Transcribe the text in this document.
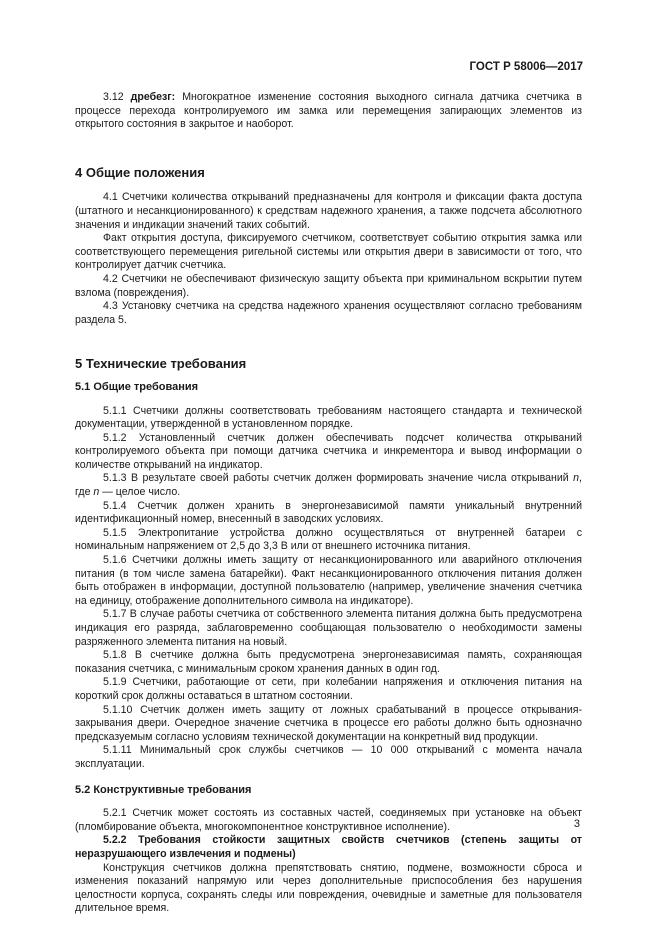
ГОСТ Р 58006—2017

3.12 дребезг: Многократное изменение состояния выходного сигнала датчика счетчика в процессе перехода контролируемого им замка или перемещения запирающих элементов из открытого состояния в закрытое и наоборот.

4 Общие положения

4.1 Счетчики количества открываний предназначены для контроля и фиксации факта доступа (штатного и несанкционированного) к средствам надежного хранения, а также подсчета абсолютного значения и индикации значений таких событий.

Факт открытия доступа, фиксируемого счетчиком, соответствует событию открытия замка или соответствующего перемещения ригельной системы или открытия двери в зависимости от того, что контролирует датчик счетчика.

4.2 Счетчики не обеспечивают физическую защиту объекта при криминальном вскрытии путем взлома (повреждения).

4.3 Установку счетчика на средства надежного хранения осуществляют согласно требованиям раздела 5.

5 Технические требования

5.1 Общие требования

5.1.1 Счетчики должны соответствовать требованиям настоящего стандарта и технической документации, утвержденной в установленном порядке.

5.1.2 Установленный счетчик должен обеспечивать подсчет количества открываний контролируемого объекта при помощи датчика счетчика и инкрементора и вывод информации о количестве открываний на индикатор.

5.1.3 В результате своей работы счетчик должен формировать значение числа открываний n, где n — целое число.

5.1.4 Счетчик должен хранить в энергонезависимой памяти уникальный внутренний идентификационный номер, внесенный в заводских условиях.

5.1.5 Электропитание устройства должно осуществляться от внутренней батареи с номинальным напряжением от 2,5 до 3,3 В или от внешнего источника питания.

5.1.6 Счетчики должны иметь защиту от несанкционированного или аварийного отключения питания (в том числе замена батарейки). Факт несанкционированного отключения питания должен быть отображен в информации, доступной пользователю (например, увеличение значения счетчика на единицу, отображение дополнительного символа на индикаторе).

5.1.7 В случае работы счетчика от собственного элемента питания должна быть предусмотрена индикация его разряда, заблаговременно сообщающая пользователю о необходимости замены разряженного элемента питания на новый.

5.1.8 В счетчике должна быть предусмотрена энергонезависимая память, сохраняющая показания счетчика, с минимальным сроком хранения данных в один год.

5.1.9 Счетчики, работающие от сети, при колебании напряжения и отключения питания на короткий срок должны оставаться в штатном состоянии.

5.1.10 Счетчик должен иметь защиту от ложных срабатываний в процессе открывания-закрывания двери. Очередное значение счетчика в процессе его работы должно быть однозначно предсказуемым согласно условиям технической документации на конкретный вид продукции.

5.1.11 Минимальный срок службы счетчиков — 10 000 открываний с момента начала эксплуатации.

5.2 Конструктивные требования

5.2.1 Счетчик может состоять из составных частей, соединяемых при установке на объект (пломбирование объекта, многокомпонентное конструктивное исполнение).

5.2.2 Требования стойкости защитных свойств счетчиков (степень защиты от неразрушающего извлечения и подмены)

Конструкция счетчиков должна препятствовать снятию, подмене, возможности сброса и изменения показаний напрямую или через дополнительные приспособления без нарушения целостности корпуса, сохранять следы или повреждения, очевидные и заметные для пользователя длительное время.

3
